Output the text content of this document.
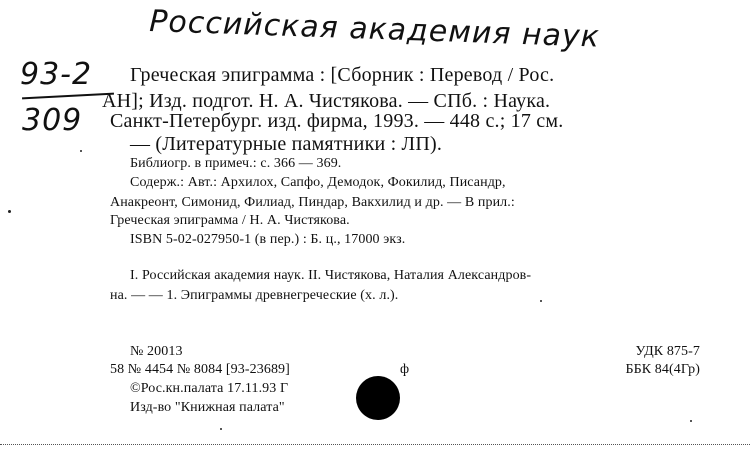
Российская академия наук
93-2
309
Греческая эпиграмма : [Сборник : Перевод / Рос.
АН]; Изд. подгот. Н. А. Чистякова. — СПб. : Наука.
Санкт-Петербург. изд. фирма, 1993. — 448 с.; 17 см.
— (Литературные памятники : ЛП).
Библиогр. в примеч.: с. 366 — 369.
Содерж.: Авт.: Архилох, Сапфо, Демодок, Фокилид, Писандр,
Анакреонт, Симонид, Филиад, Пиндар, Вакхилид и др. — В прил.:
Греческая эпиграмма / Н. А. Чистякова.
ISBN 5-02-027950-1 (в пер.) : Б. ц., 17000 экз.
I. Российская академия наук. II. Чистякова, Наталия Александров-
на. — — 1. Эпиграммы древнегреческие (х. л.).
№ 20013
58 № 4454 № 8084 [93-23689]	ф
©Рос.кн.палата 17.11.93 Г
Изд-во "Книжная палата"
УДК 875-7
ББК 84(4Гр)
